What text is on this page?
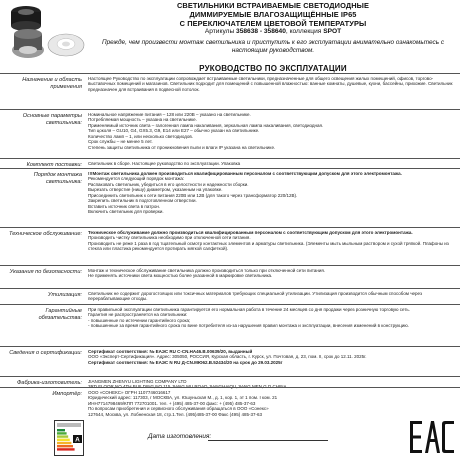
СВЕТИЛЬНИКИ ВСТРАИВАЕМЫЕ СВЕТОДИОДНЫЕ
ДИММИРУЕМЫЕ ВЛАГОЗАЩИЩЁННЫЕ IP65
С ПЕРЕКЛЮЧАТЕЛЕМ ЦВЕТОВОЙ ТЕМПЕРАТУРЫ
Артикулы 358638 - 358640, коллекция SPOT
Прежде, чем произвести монтаж светильника и приступить к его эксплуатации внимательно ознакомьтесь с настоящим руководством.
РУКОВОДСТВО ПО ЭКСПЛУАТАЦИИ
Назначение и область применения

Настоящее Руководство по эксплуатации сопровождает встраиваемые светильники, предназначенные для общего освещения жилых помещений, офисов, торгово-выставочных помещений и магазинов. Светильник подходит для помещений с повышенной влажностью: ванные комнаты, душевые, кухни, бассейны, прихожие. Светильник предназначен для встраивания в подвесной потолок.

Основные параметры светильника:

Номинальное напряжение питания – 128 или 220В – указано на светильнике.

Потребляемая мощность – указана на светильнике.

Применяемый источник света – галогенная лампа накаливания, зеркальная лампа накаливания, светодиодная.

Тип цоколя – GU10, G4, GX5.3, G9, E14 или E27 – обычно указан на светильнике.

Количество ламп – 1, или несколько светодиодов.

Срок службы – не менее 5 лет.

Степень защиты светильника от проникновения пыли и влаги IP указана на светильнике.

Комплект поставки: Светильник в сборе. Настоящее руководство по эксплуатации. Упаковка

Порядок монтажа светильника:

!!!Монтаж светильника должен производиться квалифицированным персоналом с соответствующим допуском для этого электромонтажа.

Рекомендуется следующий порядок монтажа:

Распаковать светильник, убедиться в его целостности и надежности сборки.

Вырезать отверстие (нишу) диаметром, указанным на упаковке.

Присоединить светильник к сети питания 220В или 12В (для такого через трансформатор 220/12В).

Закрепить светильник в подготовленном отверстии.

Вставить источник света в патрон.

Включить светильник для проверки.

Техническое обслуживание: Техническое обслуживание должно производиться квалифицированным персоналом с соответствующим допуском для этого электромонтажа.

Производить чистку светильника необходимо при отключенной сети питания.

Производить не реже 1 раза в год тщательный осмотр контактных элементов и арматуры светильника. (Элементы мыть мыльным раствором и сухой тряпкой. Плафоны из стекла или пластика рекомендуется протирать мягкой салфеткой).

Указания по безопасности: Монтаж и техническое обслуживание светильника должно производиться только при отключенной сети питания.

Не применять источники света мощностью более указанной в маркировке светильника.

Утилизация: Светильник не содержит дорогостоящих или токсичных материалов требующих специальной утилизации. Утилизация производится обычным способом через перерабатывающие отходы.

Гарантийные обязательства:

При правильной эксплуатации светильника гарантируется его нормальная работа в течение 24 месяцев со дня продажи через розничную торговую сеть.

Гарантия не распространяется на светильники:

- повышенные по истечении гарантийного срока;

- повышенные за время гарантийного срока по вине потребителя из-за нарушения правил монтажа и эксплуатации, внесения изменений в конструкцию.

Сведения о сертификации: Сертификат соответствия: № ЕАЭС RU С-CN.НА46.В.00639/20, выданный

ООО «Эксперт-Сертификация». Адрес: 305050, РОССИЯ, Курская область, г. Курск, ул. Почтовая, д. 23, пом. II, срок до 12.11. 2025г.

Сертификат соответствия: № ЕАЭС N RU Д-CN.МЮ62.В.52434/20 на срок до 29.03.2025г

Фабрика-изготовитель: JIANGMEN ZHENYU LIGHTING COMPANY LTD

3RD FLOOR,NO.4TH BUILDING,NO.115 JIANG MU ROAD,JIANGHAIQU,JIANG MEN,G.D CHINA

Импортёр: ООО «СОНЕКС» ОГРН 1107746016617

Юридический адрес: 117303, г МОСКВА, ул. Юшуньская М., д. 1, кор. 1, эт 1 пом. I ком. 21

ИНН7714798469/КПП 772701001. тел. + (495) 485-37-00 факс: + (495) 485-37-63

По вопросам приобретения и сервисного обслуживания обращаться в ООО «Сонекс»

127644, Москва, ул. Лобненская 18, стр.1.Тел. (495)485-37-00 Факс (495) 485-37-63

A	Дата изготовления:
